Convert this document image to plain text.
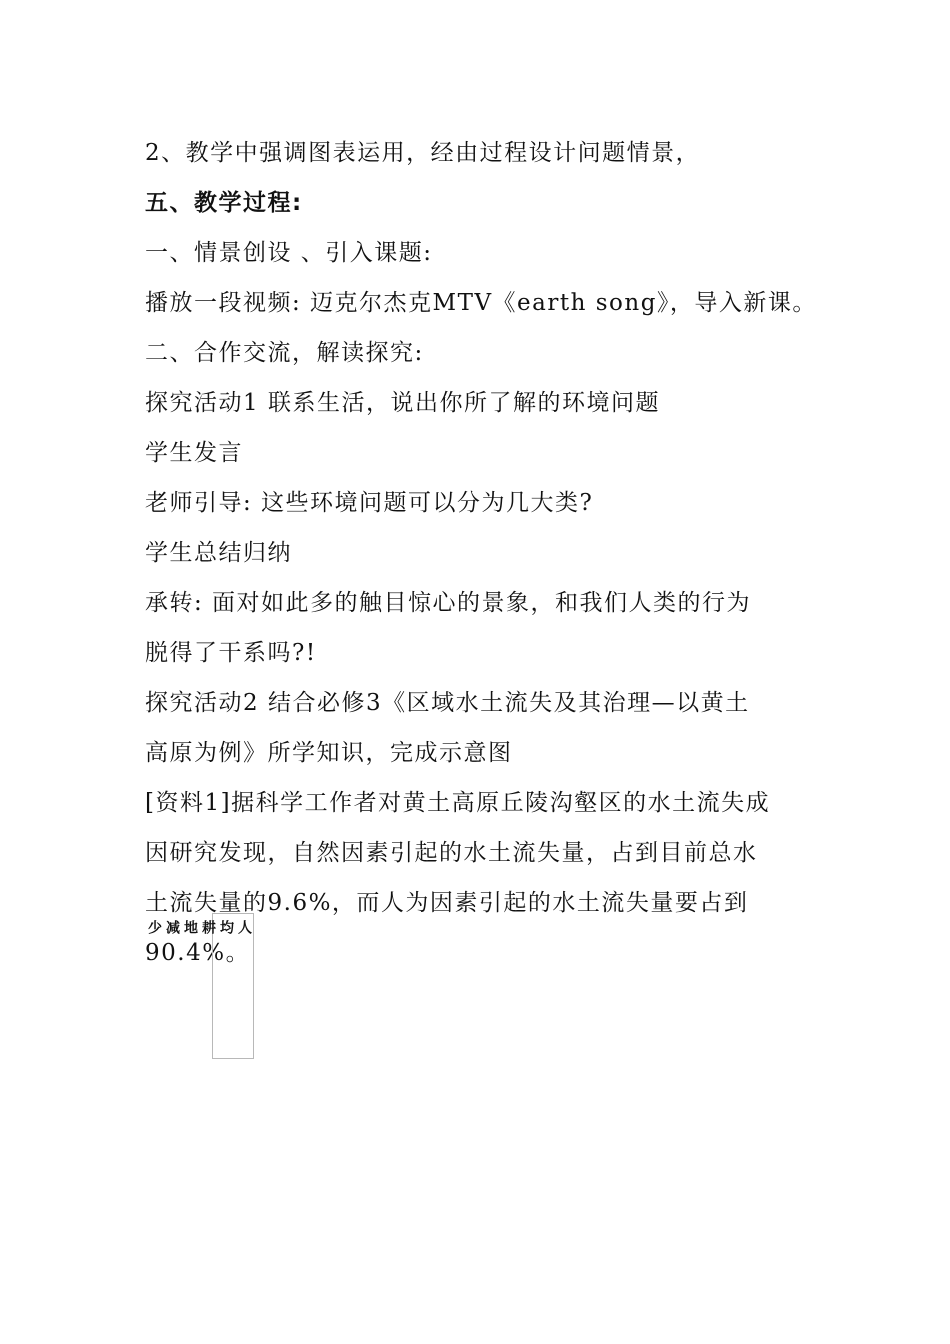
2、教学中强调图表运用，经由过程设计问题情景，
五、教学过程:
一、情景创设 、引入课题:
播放一段视频: 迈克尔杰克MTV《earth song》，导入新课。
二、合作交流，解读探究:
探究活动1 联系生活，说出你所了解的环境问题
学生发言
老师引导: 这些环境问题可以分为几大类?
学生总结归纳
承转: 面对如此多的触目惊心的景象，和我们人类的行为
脱得了干系吗?!
探究活动2 结合必修3《区域水土流失及其治理—以黄土
高原为例》所学知识，完成示意图
[资料1]据科学工作者对黄土高原丘陵沟壑区的水土流失成
因研究发现，自然因素引起的水土流失量，占到目前总水
土流失量的9.6%，而人为因素引起的水土流失量要占到
90.4%。
人均耕地减少
